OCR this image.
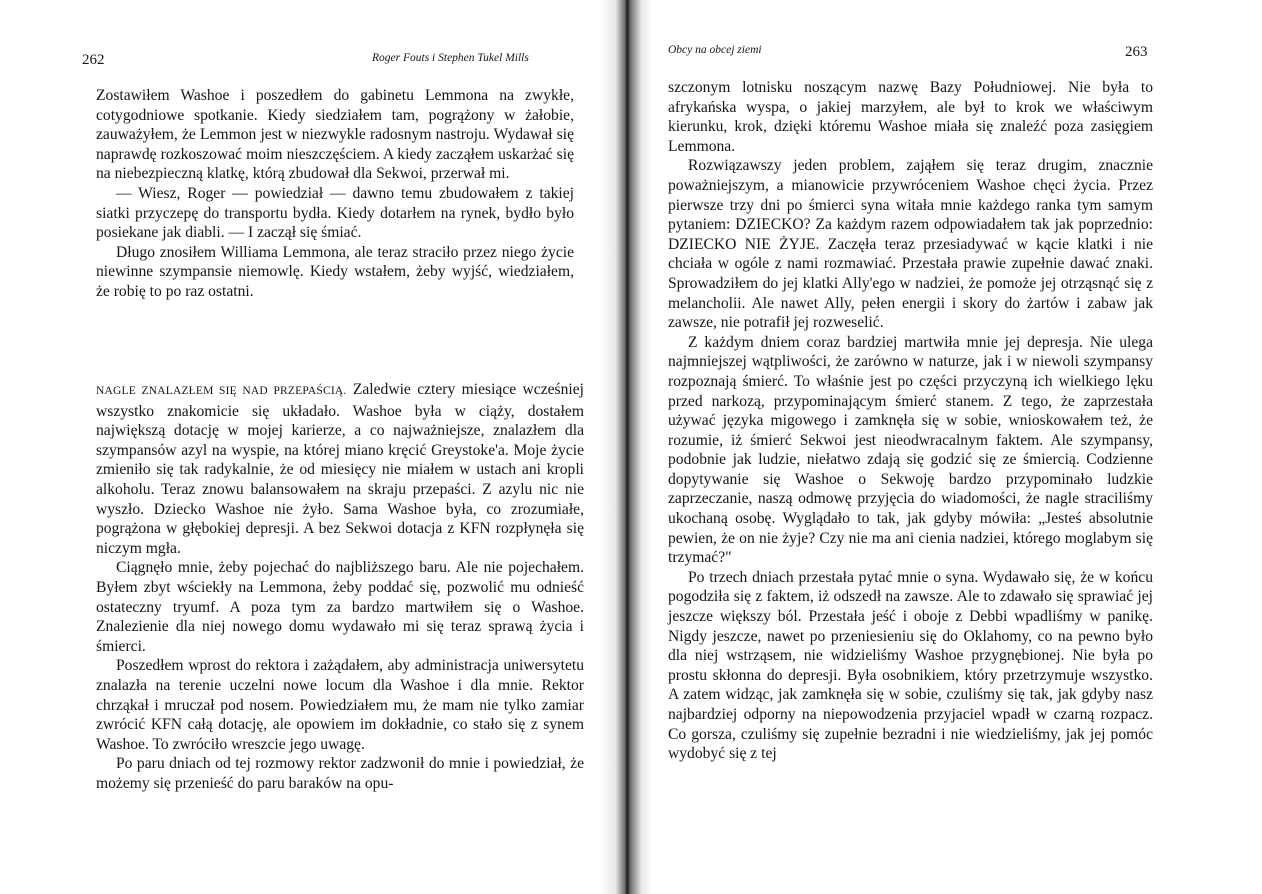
262	Roger Fouts i Stephen Tukel Mills

Zostawiłem Washoe i poszedłem do gabinetu Lemmona na zwykłe, cotygodniowe spotkanie. Kiedy siedziałem tam, pogrążony w żałobie, zauważyłem, że Lemmon jest w niezwykle radosnym nastroju. Wydawał się naprawdę rozkoszować moim nieszczęściem. A kiedy zacząłem uskarżać się na niebezpieczną klatkę, którą zbudował dla Sekwoi, przerwał mi.

— Wiesz, Roger — powiedział — dawno temu zbudowałem z takiej siatki przyczepę do transportu bydła. Kiedy dotarłem na rynek, bydło było posiekane jak diabli. — I zaczął się śmiać.

Długo znosiłem Williama Lemmona, ale teraz straciło przez niego życie niewinne szympansie niemowlę. Kiedy wstałem, żeby wyjść, wiedziałem, że robię to po raz ostatni.

NAGLE ZNALAZŁEM SIĘ NAD PRZEPAŚCIĄ. Zaledwie cztery miesiące wcześniej wszystko znakomicie się układało. Washoe była w ciąży, dostałem największą dotację w mojej karierze, a co najważniejsze, znalazłem dla szympansów azyl na wyspie, na której miano kręcić Greystoke'a. Moje życie zmieniło się tak radykalnie, że od miesięcy nie miałem w ustach ani kropli alkoholu. Teraz znowu balansowałem na skraju przepaści. Z azylu nic nie wyszło. Dziecko Washoe nie żyło. Sama Washoe była, co zrozumiałe, pogrążona w głębokiej depresji. A bez Sekwoi dotacja z KFN rozpłynęła się niczym mgła.

Ciągnęło mnie, żeby pojechać do najbliższego baru. Ale nie pojechałem. Byłem zbyt wściekły na Lemmona, żeby poddać się, pozwolić mu odnieść ostateczny tryumf. A poza tym za bardzo martwiłem się o Washoe. Znalezienie dla niej nowego domu wydawało mi się teraz sprawą życia i śmierci.

Poszedłem wprost do rektora i zażądałem, aby administracja uniwersytetu znalazła na terenie uczelni nowe locum dla Washoe i dla mnie. Rektor chrząkał i mruczał pod nosem. Powiedziałem mu, że mam nie tylko zamiar zwrócić KFN całą dotację, ale opowiem im dokładnie, co stało się z synem Washoe. To zwróciło wreszcie jego uwagę.

Po paru dniach od tej rozmowy rektor zadzwonił do mnie i powiedział, że możemy się przenieść do paru baraków na opu-

Obcy na obcej ziemi	263

szczonym lotnisku noszącym nazwę Bazy Południowej. Nie była to afrykańska wyspa, o jakiej marzyłem, ale był to krok we właściwym kierunku, krok, dzięki któremu Washoe miała się znaleźć poza zasięgiem Lemmona.

Rozwiązawszy jeden problem, zająłem się teraz drugim, znacznie poważniejszym, a mianowicie przywróceniem Washoe chęci życia. Przez pierwsze trzy dni po śmierci syna witała mnie każdego ranka tym samym pytaniem: DZIECKO? Za każdym razem odpowiadałem tak jak poprzednio: DZIECKO NIE ŻYJE. Zaczęła teraz przesiadywać w kącie klatki i nie chciała w ogóle z nami rozmawiać. Przestała prawie zupełnie dawać znaki. Sprowadziłem do jej klatki Ally'ego w nadziei, że pomoże jej otrząsnąć się z melancholii. Ale nawet Ally, pełen energii i skory do żartów i zabaw jak zawsze, nie potrafił jej rozweselić.

Z każdym dniem coraz bardziej martwiła mnie jej depresja. Nie ulega najmniejszej wątpliwości, że zarówno w naturze, jak i w niewoli szympansy rozpoznają śmierć. To właśnie jest po części przyczyną ich wielkiego lęku przed narkozą, przypominającym śmierć stanem. Z tego, że zaprzestała używać języka migowego i zamknęła się w sobie, wnioskowałem też, że rozumie, iż śmierć Sekwoi jest nieodwracalnym faktem. Ale szympansy, podobnie jak ludzie, niełatwo zdają się godzić się ze śmiercią. Codzienne dopytywanie się Washoe o Sekwoję bardzo przypominało ludzkie zaprzeczanie, naszą odmowę przyjęcia do wiadomości, że nagle straciliśmy ukochaną osobę. Wyglądało to tak, jak gdyby mówiła: „Jesteś absolutnie pewien, że on nie żyje? Czy nie ma ani cienia nadziei, którego moglabym się trzymać?"

Po trzech dniach przestała pytać mnie o syna. Wydawało się, że w końcu pogodziła się z faktem, iż odszedł na zawsze. Ale to zdawało się sprawiać jej jeszcze większy ból. Przestała jeść i oboje z Debbi wpadliśmy w panikę. Nigdy jeszcze, nawet po przeniesieniu się do Oklahomy, co na pewno było dla niej wstrząsem, nie widzieliśmy Washoe przygnębionej. Nie była po prostu skłonna do depresji. Była osobnikiem, który przetrzymuje wszystko. A zatem widząc, jak zamknęła się w sobie, czuliśmy się tak, jak gdyby nasz najbardziej odporny na niepowodzenia przyjaciel wpadł w czarną rozpacz. Co gorsza, czuliśmy się zupełnie bezradni i nie wiedzieliśmy, jak jej pomóc wydobyć się z tej
